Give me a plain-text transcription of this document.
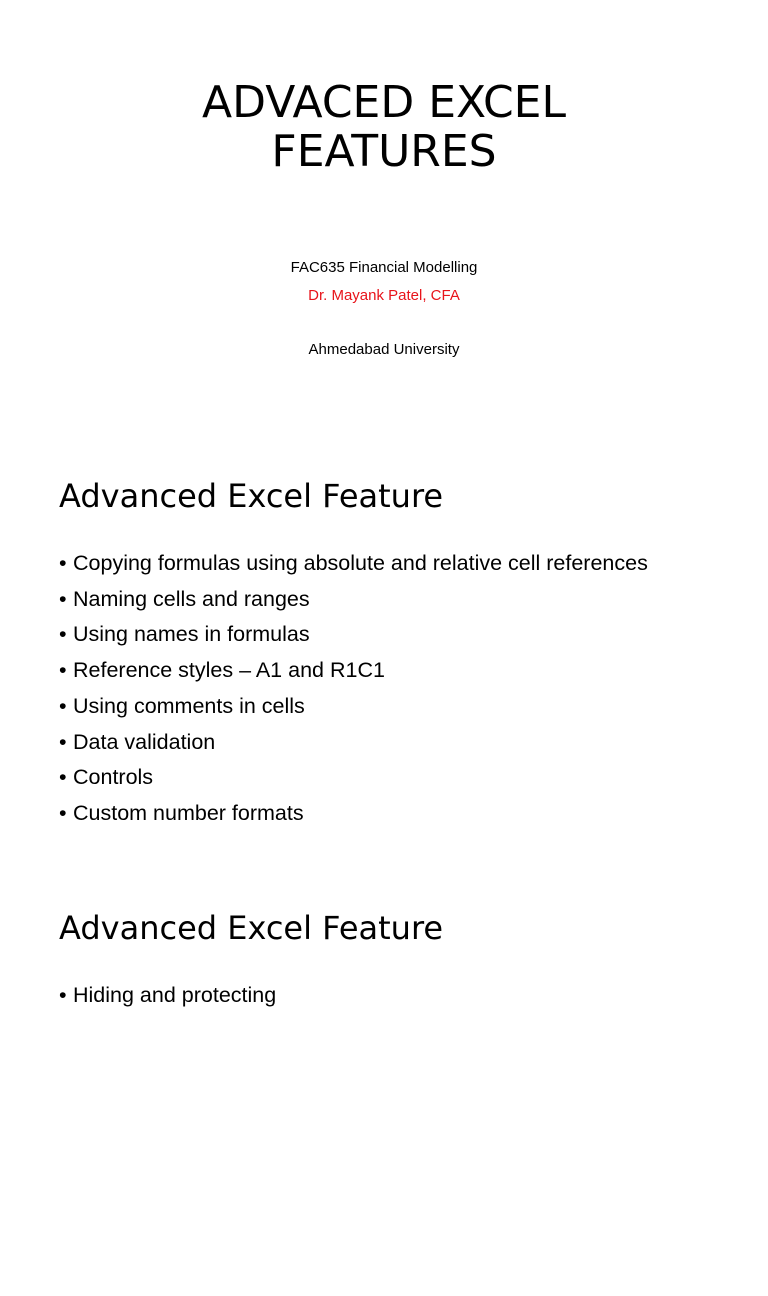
ADVACED EXCEL
FEATURES

FAC635 Financial Modelling

Dr. Mayank Patel, CFA

Ahmedabad University

Advanced Excel Feature
• Copying formulas using absolute and relative cell references
• Naming cells and ranges
• Using names in formulas
• Reference styles – A1 and R1C1
• Using comments in cells
• Data validation
• Controls
• Custom number formats
Advanced Excel Feature
• Hiding and protecting
